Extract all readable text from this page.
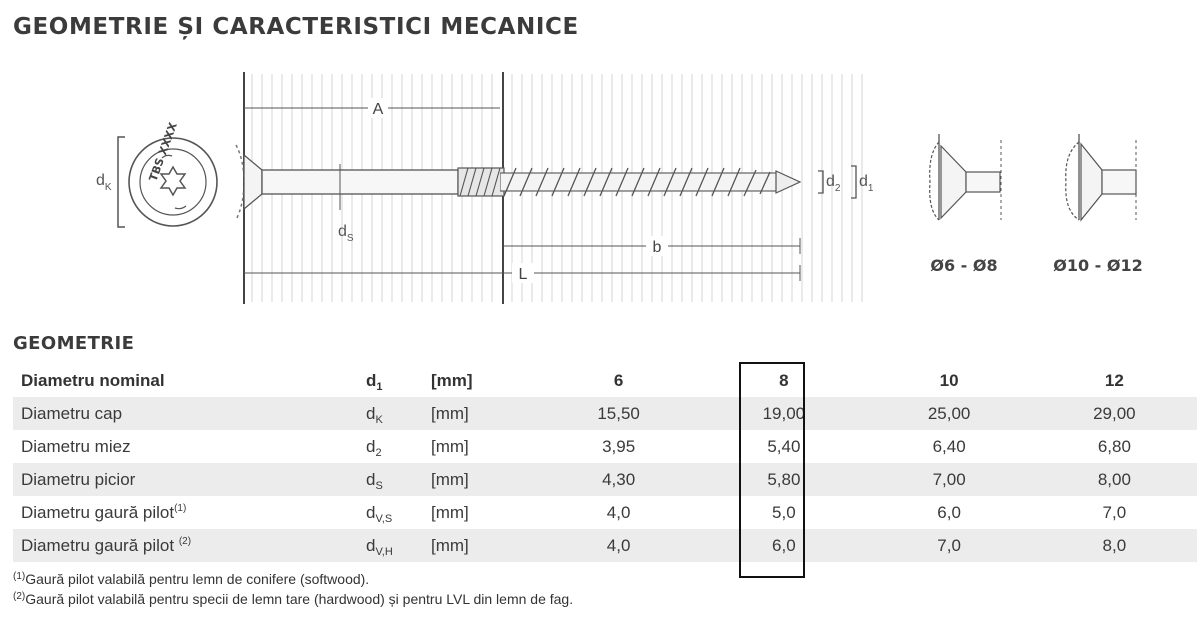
GEOMETRIE ȘI CARACTERISTICI MECANICE
TBS XXXX
$d_K$
A
$d_S$
$d_2$ $d_1$
b
L	Ø6 - Ø8	Ø10 - Ø12
GEOMETRIE
Diametru nominal	$d_1$	[mm]	6	8	10	12
Diametru cap	$d_K$	[mm]	15,50	19,00	25,00	29,00
Diametru miez	$d_2$	[mm]	3,95	5,40	6,40	6,80
Diametru picior	$d_S$	[mm]	4,30	5,80	7,00	8,00
Diametru gaură pilot$^{(1)}$	$d_{V,S}$	[mm]	4,0	5,0	6,0	7,0
Diametru gaură pilot $^{(2)}$	$d_{V,H}$	[mm]	4,0	6,0	7,0	8,0
$^{(1)}$Gaură pilot valabilă pentru lemn de conifere (softwood).
$^{(2)}$Gaură pilot valabilă pentru specii de lemn tare (hardwood) și pentru LVL din lemn de fag.
